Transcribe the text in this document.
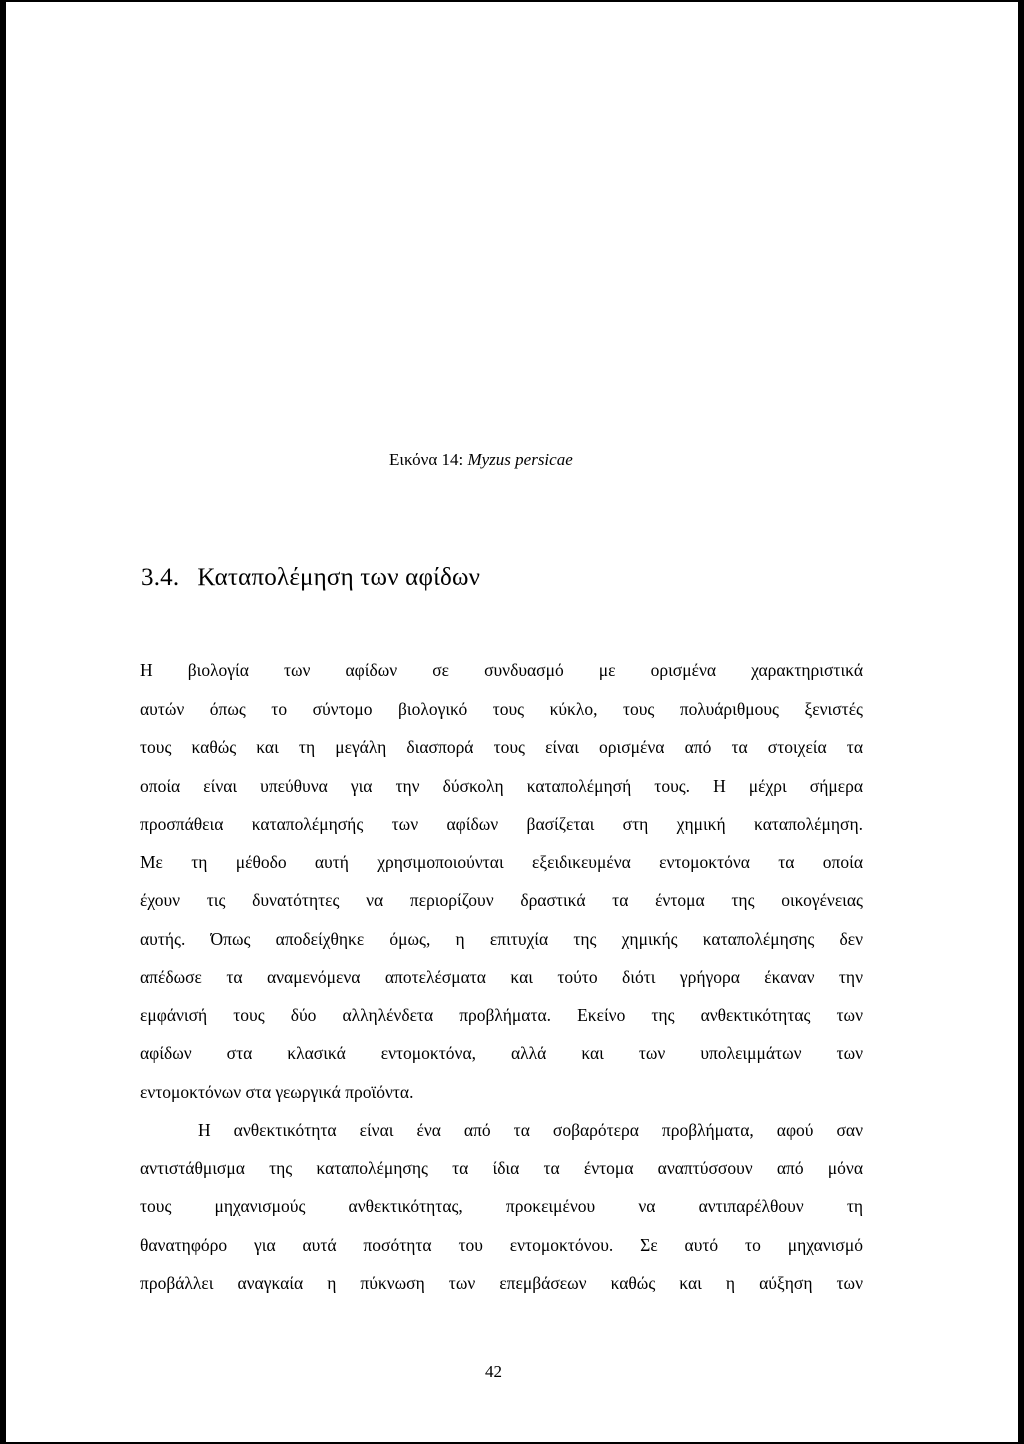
Εικόνα 14: Myzus persicae
3.4. Καταπολέμηση των αφίδων
Η βιολογία των αφίδων σε συνδυασμό με ορισμένα χαρακτηριστικά
αυτών όπως το σύντομο βιολογικό τους κύκλο, τους πολυάριθμους ξενιστές
τους καθώς και τη μεγάλη διασπορά τους είναι ορισμένα από τα στοιχεία τα
οποία είναι υπεύθυνα για την δύσκολη καταπολέμησή τους. Η μέχρι σήμερα
προσπάθεια καταπολέμησής των αφίδων βασίζεται στη χημική καταπολέμηση.
Με τη μέθοδο αυτή χρησιμοποιούνται εξειδικευμένα εντομοκτόνα τα οποία
έχουν τις δυνατότητες να περιορίζουν δραστικά τα έντομα της οικογένειας
αυτής. Όπως αποδείχθηκε όμως, η επιτυχία της χημικής καταπολέμησης δεν
απέδωσε τα αναμενόμενα αποτελέσματα και τούτο διότι γρήγορα έκαναν την
εμφάνισή τους δύο αλληλένδετα προβλήματα. Εκείνο της ανθεκτικότητας των
αφίδων στα κλασικά εντομοκτόνα, αλλά και των υπολειμμάτων των
εντομοκτόνων στα γεωργικά προϊόντα.
Η ανθεκτικότητα είναι ένα από τα σοβαρότερα προβλήματα, αφού σαν
αντιστάθμισμα της καταπολέμησης τα ίδια τα έντομα αναπτύσσουν από μόνα
τους μηχανισμούς ανθεκτικότητας, προκειμένου να αντιπαρέλθουν τη
θανατηφόρο για αυτά ποσότητα του εντομοκτόνου. Σε αυτό το μηχανισμό
προβάλλει αναγκαία η πύκνωση των επεμβάσεων καθώς και η αύξηση των
42
